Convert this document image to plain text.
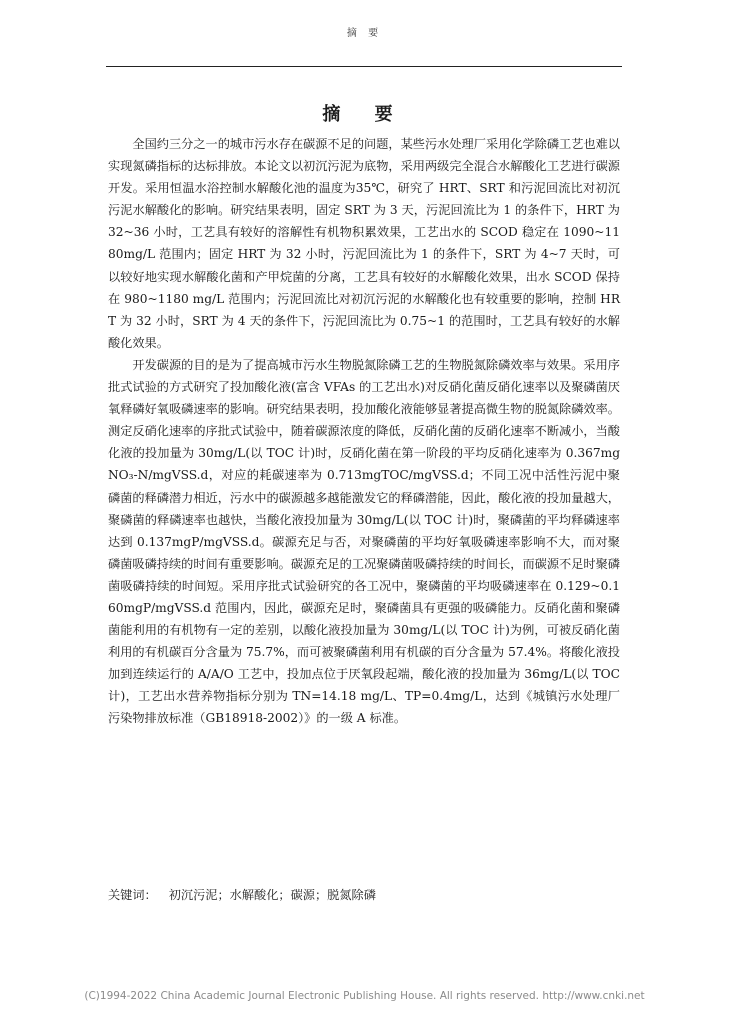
摘 要
摘 要

全国约三分之一的城市污水存在碳源不足的问题，某些污水处理厂采用化学除磷工艺也难以实现氮磷指标的达标排放。本论文以初沉污泥为底物，采用两级完全混合水解酸化工艺进行碳源开发。采用恒温水浴控制水解酸化池的温度为35℃，研究了 HRT、SRT 和污泥回流比对初沉污泥水解酸化的影响。研究结果表明，固定 SRT 为 3 天，污泥回流比为 1 的条件下，HRT 为 32~36 小时，工艺具有较好的溶解性有机物积累效果，工艺出水的 SCOD 稳定在 1090~1180mg/L 范围内；固定 HRT 为 32 小时，污泥回流比为 1 的条件下，SRT 为 4~7 天时，可以较好地实现水解酸化菌和产甲烷菌的分离，工艺具有较好的水解酸化效果，出水 SCOD 保持在 980~1180 mg/L 范围内；污泥回流比对初沉污泥的水解酸化也有较重要的影响，控制 HRT 为 32 小时，SRT 为 4 天的条件下，污泥回流比为 0.75~1 的范围时，工艺具有较好的水解酸化效果。

开发碳源的目的是为了提高城市污水生物脱氮除磷工艺的生物脱氮除磷效率与效果。采用序批式试验的方式研究了投加酸化液(富含 VFAs 的工艺出水)对反硝化菌反硝化速率以及聚磷菌厌氧释磷好氧吸磷速率的影响。研究结果表明，投加酸化液能够显著提高微生物的脱氮除磷效率。测定反硝化速率的序批式试验中，随着碳源浓度的降低，反硝化菌的反硝化速率不断减小，当酸化液的投加量为 30mg/L(以 TOC 计)时，反硝化菌在第一阶段的平均反硝化速率为 0.367mgNO₃-N/mgVSS.d，对应的耗碳速率为 0.713mgTOC/mgVSS.d；不同工况中活性污泥中聚磷菌的释磷潜力相近，污水中的碳源越多越能激发它的释磷潜能，因此，酸化液的投加量越大，聚磷菌的释磷速率也越快，当酸化液投加量为 30mg/L(以 TOC 计)时，聚磷菌的平均释磷速率达到 0.137mgP/mgVSS.d。碳源充足与否，对聚磷菌的平均好氧吸磷速率影响不大，而对聚磷菌吸磷持续的时间有重要影响。碳源充足的工况聚磷菌吸磷持续的时间长，而碳源不足时聚磷菌吸磷持续的时间短。采用序批式试验研究的各工况中，聚磷菌的平均吸磷速率在 0.129~0.160mgP/mgVSS.d 范围内，因此，碳源充足时，聚磷菌具有更强的吸磷能力。反硝化菌和聚磷菌能利用的有机物有一定的差别，以酸化液投加量为 30mg/L(以 TOC 计)为例，可被反硝化菌利用的有机碳百分含量为 75.7%，而可被聚磷菌利用有机碳的百分含量为 57.4%。将酸化液投加到连续运行的 A/A/O 工艺中，投加点位于厌氧段起端，酸化液的投加量为 36mg/L(以 TOC 计)，工艺出水营养物指标分别为 TN=14.18 mg/L、TP=0.4mg/L，达到《城镇污水处理厂污染物排放标准（GB18918-2002）》的一级 A 标准。

关键词： 初沉污泥；水解酸化；碳源；脱氮除磷
(C)1994-2022 China Academic Journal Electronic Publishing House. All rights reserved. http://www.cnki.net
